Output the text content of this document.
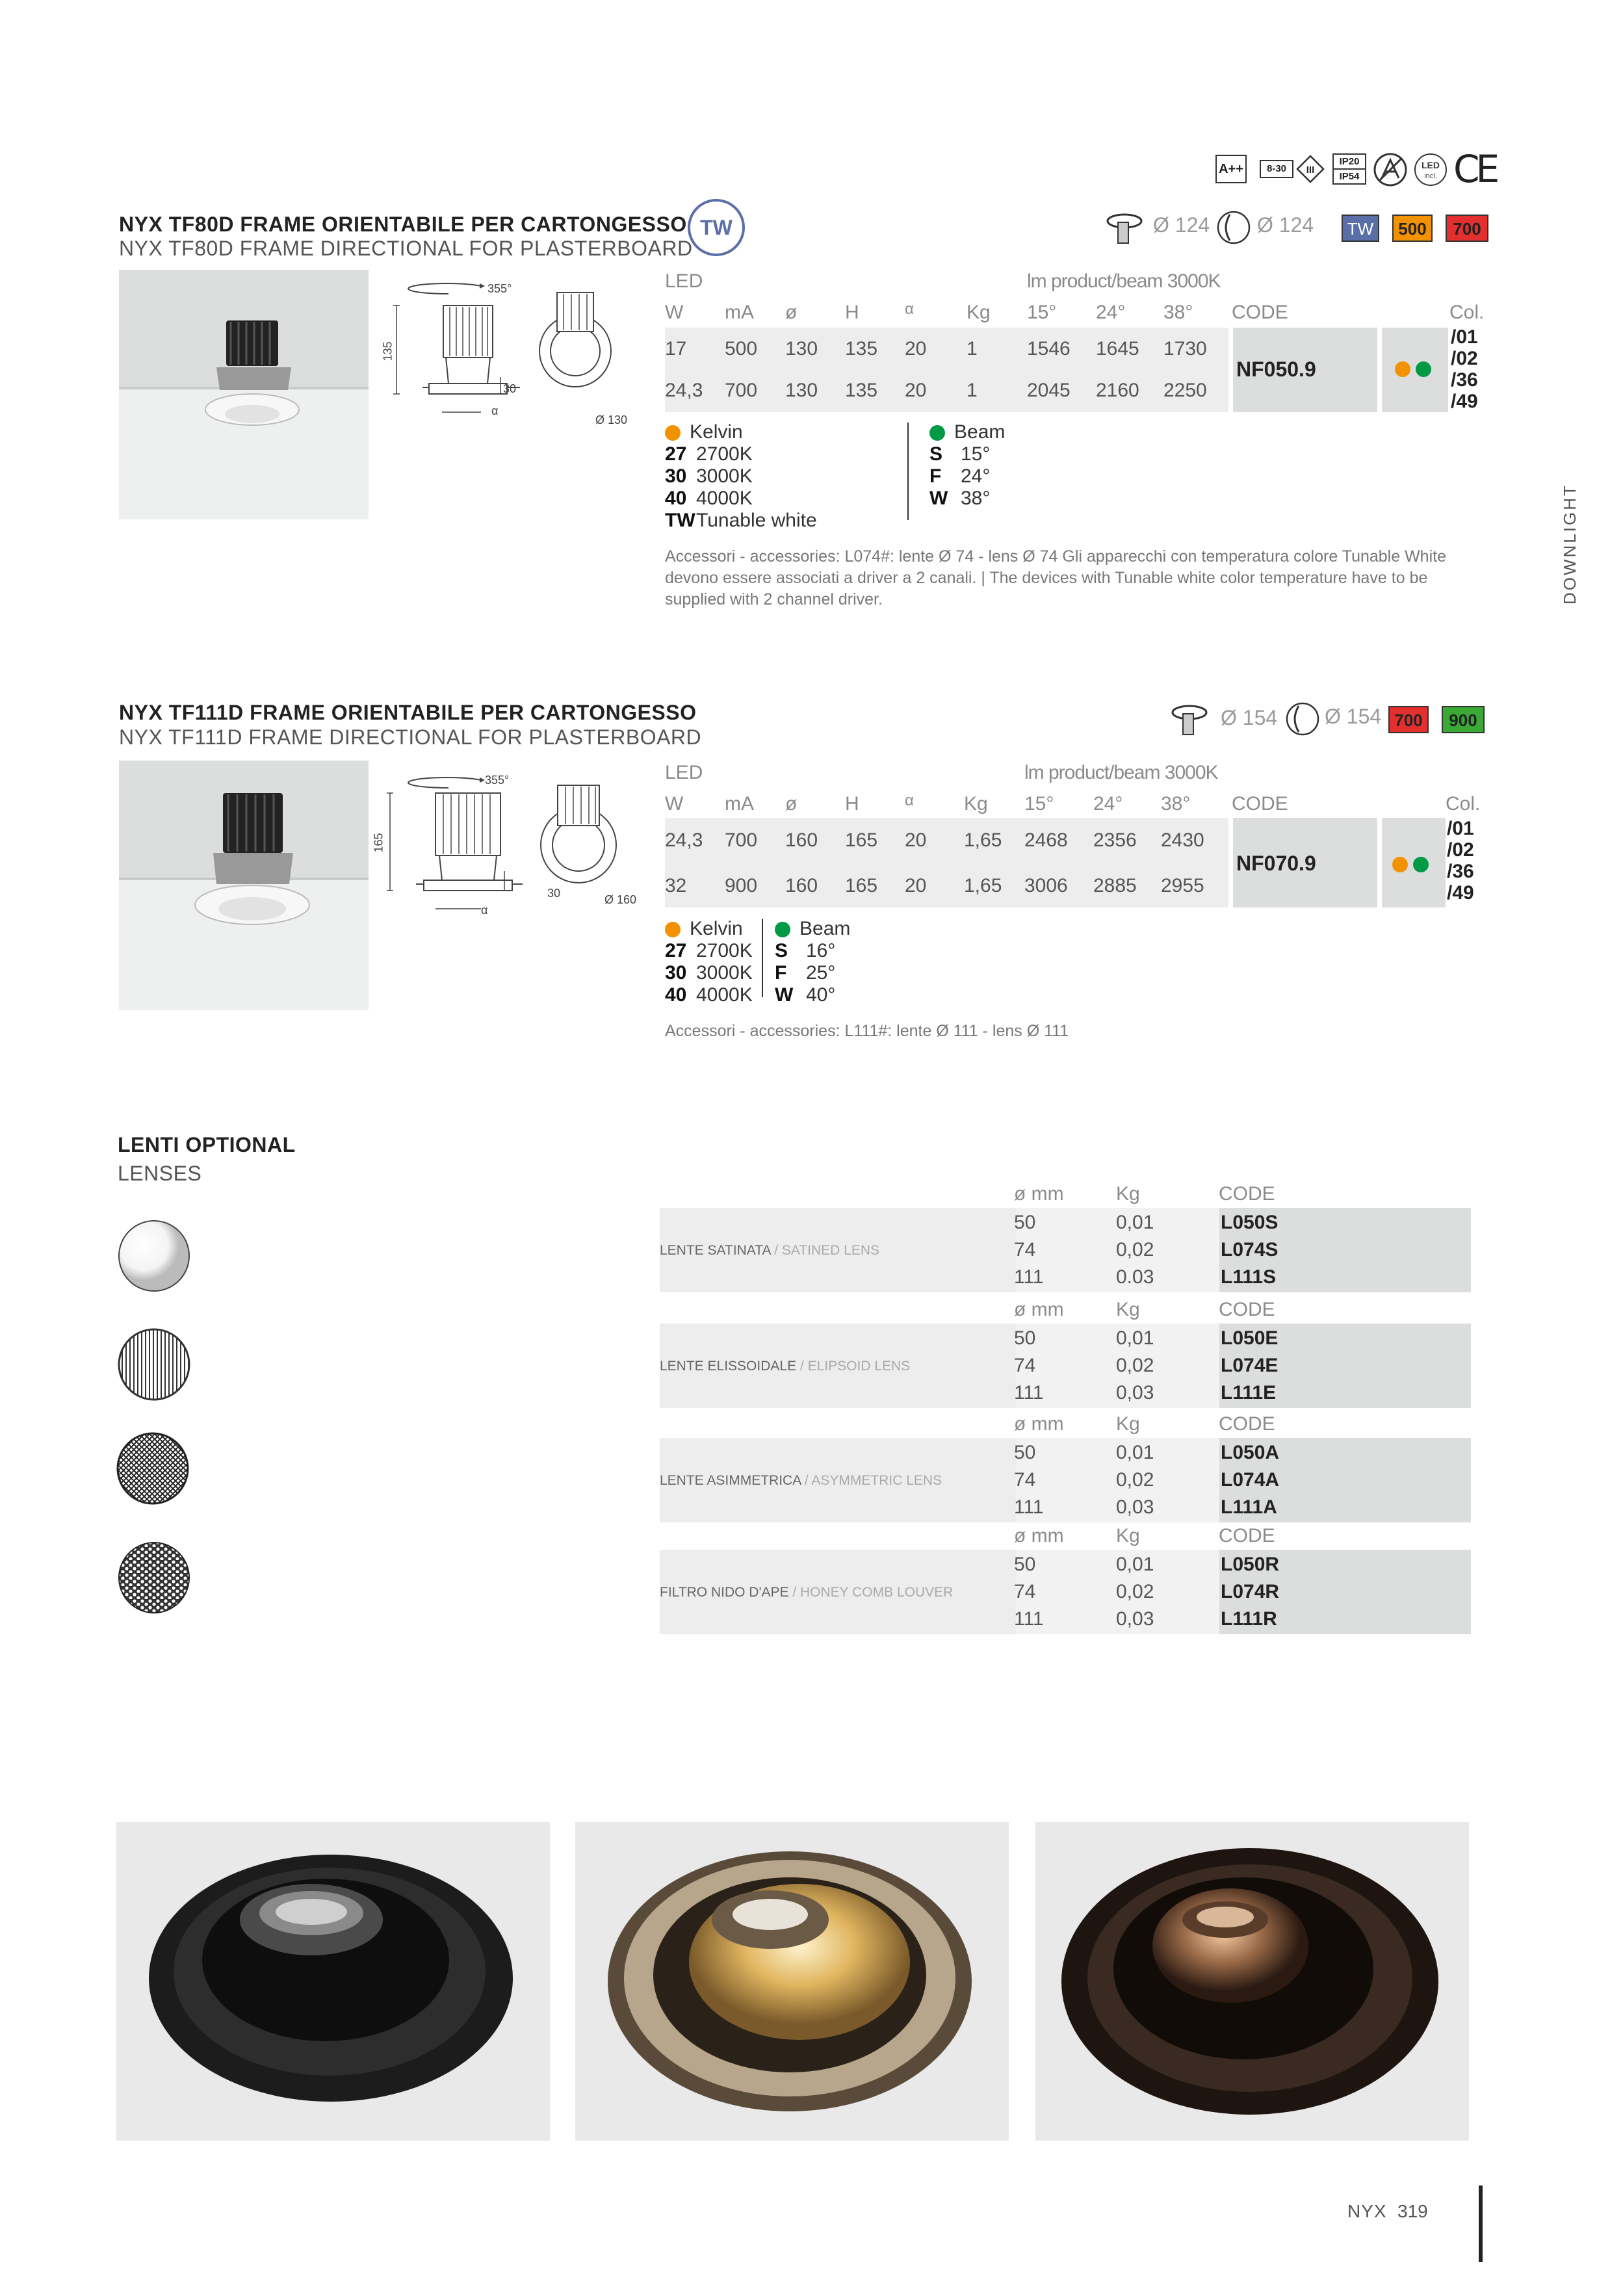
A++	8-30	III
IP20
IP54
LED
incl. CE
NYX TF80D FRAME ORIENTABILE PER CARTONGESSO
NYX TF80D FRAME DIRECTIONAL FOR PLASTERBOARD
TW	Ø 124 Ø 124	TW	500	700
355°
135
30
α
Ø 130
LED	lm product/beam 3000K
W mA ø H	α	Kg 15° 24° 38° CODE	Col.
17 500 130 135 20 1	1546 1645 1730
24,3 700 130 135 20 1	2045 2160 2250
NF050.9

/01
/02
/36
/49
Kelvin
27 2700K
30 3000K
40 4000K
TWTunable white
Beam
S 15°
F 24°
W 38°
Accessori - accessories: L074#: lente Ø 74 - lens Ø 74 Gli apparecchi con temperatura colore Tunable White devono essere associati a driver a 2 canali. | The devices with Tunable white color temperature have to be supplied with 2 channel driver.	DOWNLIGHT
NYX TF111D FRAME ORIENTABILE PER CARTONGESSO
NYX TF111D FRAME DIRECTIONAL FOR PLASTERBOARD
Ø 154 Ø 154 700	900
355°
165
30
α
Ø 160
LED	lm product/beam 3000K
W mA ø H	α	Kg 15° 24° 38° CODE	Col.
24,3 700 160 165 20 1,65 2468 2356 2430
32 900 160 165 20 1,65 3006 2885 2955
NF070.9

/01
/02
/36
/49
Kelvin
27 2700K
30 3000K
40 4000K
Beam
S 16°
F 25°
W 40°
Accessori - accessories: L111#: lente Ø 111 - lens Ø 111
LENTI OPTIONAL
LENSES
LENTE SATINATA / SATINED LENS
ø mm	Kg	CODE
50	0,01	L050S
74	0,02	L074S
111	0.03	L111S
LENTE ELISSOIDALE / ELIPSOID LENS
ø mm	Kg	CODE
50	0,01	L050E
74	0,02	L074E
111	0,03	L111E
LENTE ASIMMETRICA / ASYMMETRIC LENS
ø mm	Kg	CODE
50	0,01	L050A
74	0,02	L074A
111	0,03	L111A
FILTRO NIDO D'APE / HONEY COMB LOUVER
ø mm	Kg	CODE
50	0,01	L050R
74	0,02	L074R
111	0,03	L111R
NYX 319
